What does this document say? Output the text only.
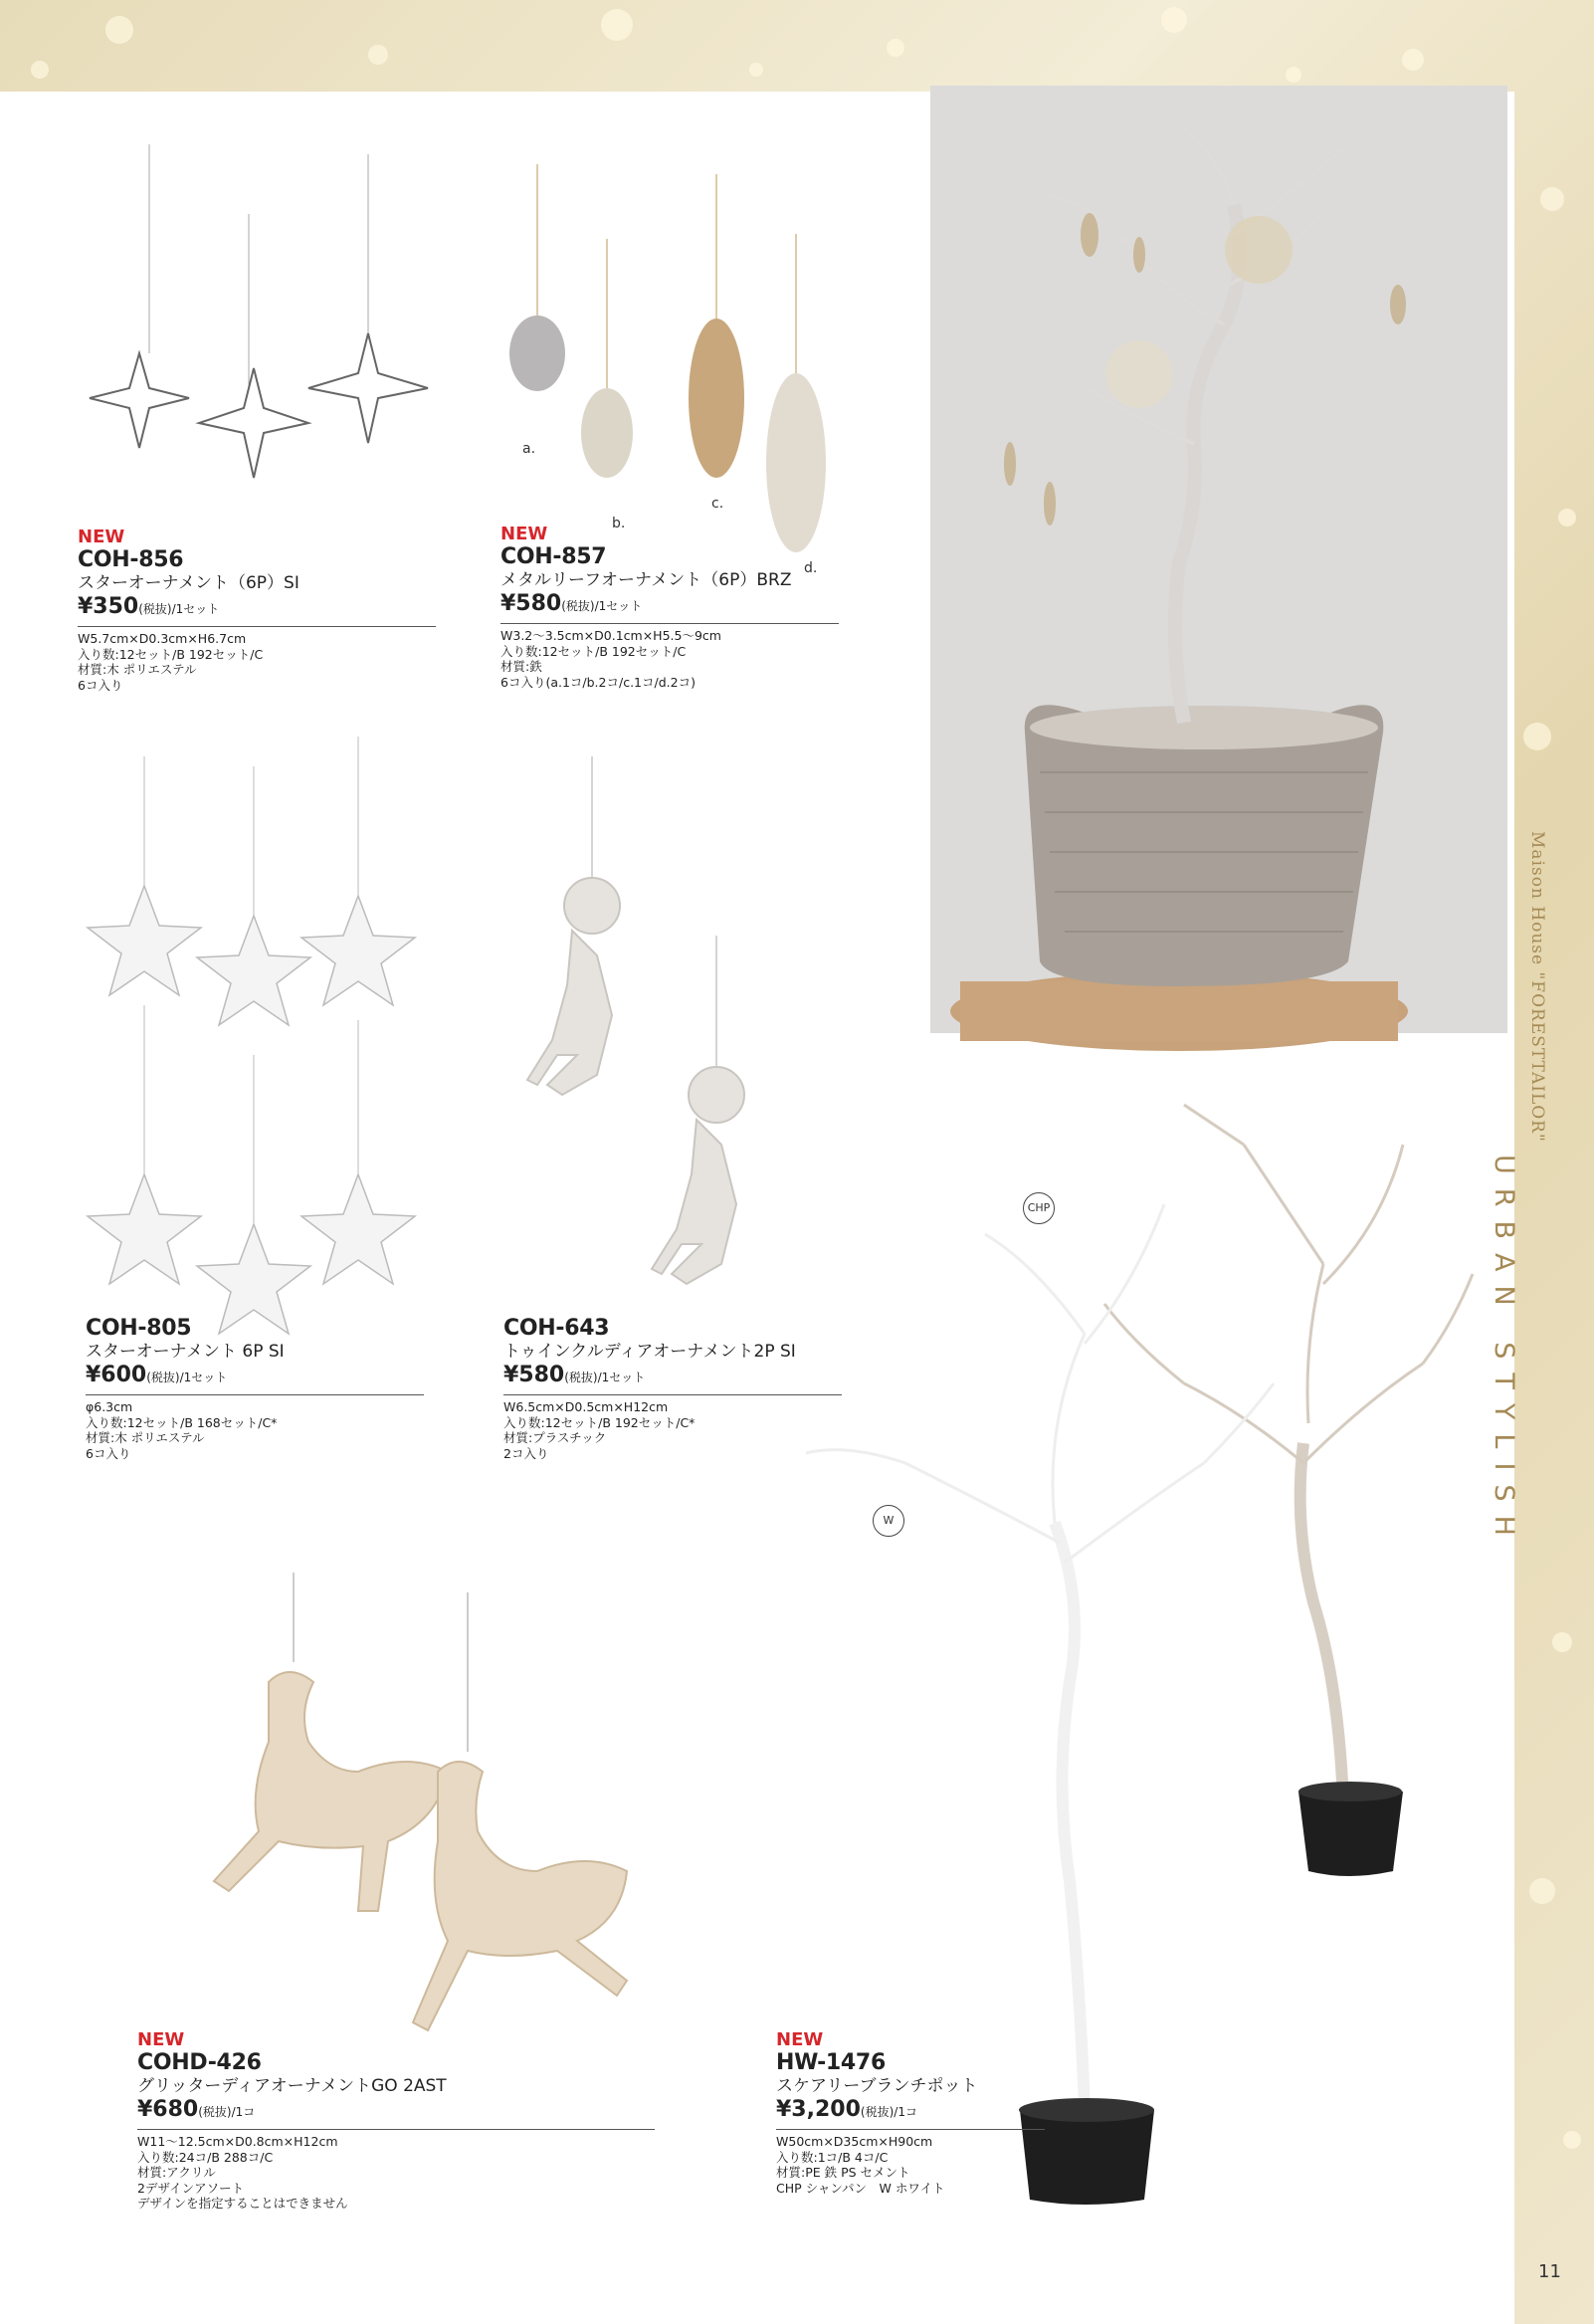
a.
b.
c.
d.
CHP
W
NEW
COH-856
スターオーナメント（6P）SI
¥350(税抜)/1セット
W5.7cm×D0.3cm×H6.7cm
入り数:12セット/B 192セット/C
材質:木 ポリエステル
6コ入り
NEW
COH-857
メタルリーフオーナメント（6P）BRZ
¥580(税抜)/1セット
W3.2～3.5cm×D0.1cm×H5.5～9cm
入り数:12セット/B 192セット/C
材質:鉄
6コ入り(a.1コ/b.2コ/c.1コ/d.2コ)
COH-805
スターオーナメント 6P SI
¥600(税抜)/1セット
φ6.3cm
入り数:12セット/B 168セット/C*
材質:木 ポリエステル
6コ入り
COH-643
トゥインクルディアオーナメント2P SI
¥580(税抜)/1セット
W6.5cm×D0.5cm×H12cm
入り数:12セット/B 192セット/C*
材質:プラスチック
2コ入り
NEW
COHD-426
グリッターディアオーナメントGO 2AST
¥680(税抜)/1コ
W11～12.5cm×D0.8cm×H12cm
入り数:24コ/B 288コ/C
材質:アクリル
2デザインアソート
デザインを指定することはできません
NEW
HW-1476
スケアリーブランチポット
¥3,200(税抜)/1コ
W50cm×D35cm×H90cm
入り数:1コ/B 4コ/C
材質:PE 鉄 PS セメント
CHP シャンパン　W ホワイト
Maison House "FORESTTAILOR"
URBAN STYLISH
11
